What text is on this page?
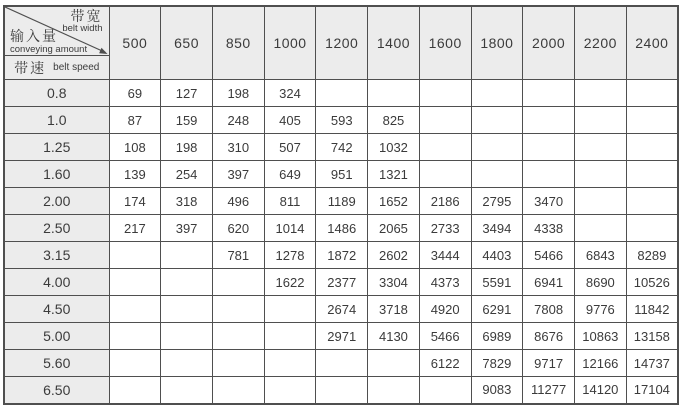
带宽
belt width
输入量
conveying amount
带速 belt speed
	500	650	850	1000	1200	1400	1600	1800	2000	2200	2400
0.8	69	127	198	324							
1.0	87	159	248	405	593	825					
1.25	108	198	310	507	742	1032					
1.60	139	254	397	649	951	1321					
2.00	174	318	496	811	1189	1652	2186	2795	3470		
2.50	217	397	620	1014	1486	2065	2733	3494	4338		
3.15			781	1278	1872	2602	3444	4403	5466	6843	8289
4.00				1622	2377	3304	4373	5591	6941	8690	10526
4.50					2674	3718	4920	6291	7808	9776	11842
5.00					2971	4130	5466	6989	8676	10863	13158
5.60							6122	7829	9717	12166	14737
6.50								9083	11277	14120	17104
